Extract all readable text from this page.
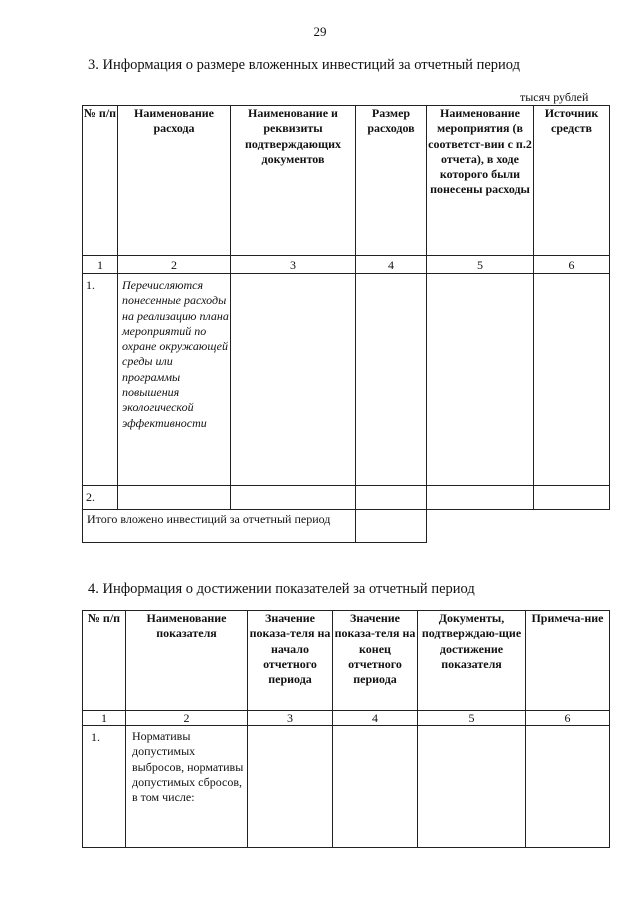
29
3. Информация о размере вложенных инвестиций за отчетный период
тысяч рублей
№ п/п	Наименование расхода	Наименование и реквизиты подтверждающих документов	Размер расходов	Наименование мероприятия (в соответст-вии с п.2 отчета), в ходе которого были понесены расходы	Источник средств
1	2	3	4	5	6
1.	Перечисляются понесенные расходы на реализацию плана мероприятий по охране окружающей среды или программы повышения экологической эффективности				
2.					
Итого вложено инвестиций за отчетный период					
4. Информация о достижении показателей за отчетный период
№ п/п	Наименование показателя	Значение показа-теля на начало отчетного периода	Значение показа-теля на конец отчетного периода	Документы, подтверждаю-щие достижение показателя	Примеча-ние
1	2	3	4	5	6
1.	Нормативы допустимых выбросов, нормативы допустимых сбросов, в том числе:				
